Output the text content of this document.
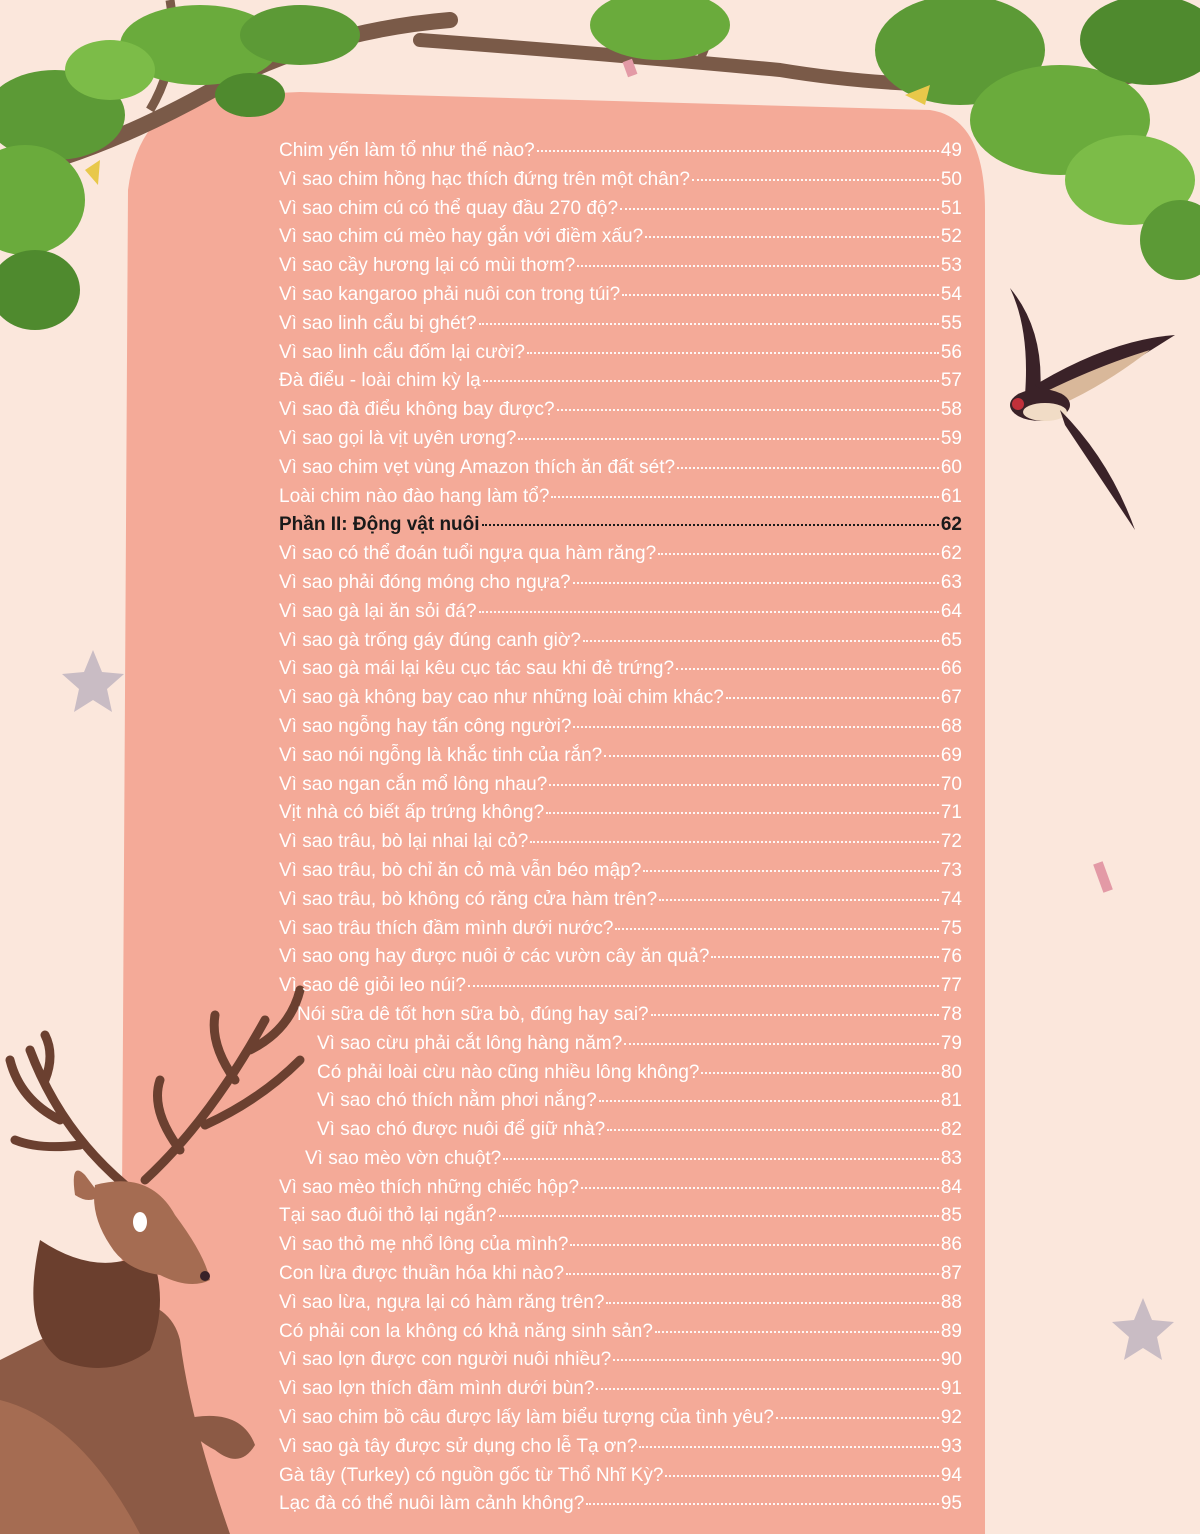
Chim yến làm tổ như thế nào?	49
Vì sao chim hồng hạc thích đứng trên một chân?	50
Vì sao chim cú có thể quay đầu 270 độ?	51
Vì sao chim cú mèo hay gắn với điềm xấu?	52
Vì sao cầy hương lại có mùi thơm?	53
Vì sao kangaroo phải nuôi con trong túi?	54
Vì sao linh cẩu bị ghét?	55
Vì sao linh cẩu đốm lại cười?	56
Đà điểu - loài chim kỳ lạ	57
Vì sao đà điểu không bay được?	58
Vì sao gọi là vịt uyên ương?	59
Vì sao chim vẹt vùng Amazon thích ăn đất sét?	60
Loài chim nào đào hang làm tổ?	61
Phần II: Động vật nuôi	62
Vì sao có thể đoán tuổi ngựa qua hàm răng?	62
Vì sao phải đóng móng cho ngựa?	63
Vì sao gà lại ăn sỏi đá?	64
Vì sao gà trống gáy đúng canh giờ?	65
Vì sao gà mái lại kêu cục tác sau khi đẻ trứng?	66
Vì sao gà không bay cao như những loài chim khác?	67
Vì sao ngỗng hay tấn công người?	68
Vì sao nói ngỗng là khắc tinh của rắn?	69
Vì sao ngan cắn mổ lông nhau?	70
Vịt nhà có biết ấp trứng không?	71
Vì sao trâu, bò lại nhai lại cỏ?	72
Vì sao trâu, bò chỉ ăn cỏ mà vẫn béo mập?	73
Vì sao trâu, bò không có răng cửa hàm trên?	74
Vì sao trâu thích đầm mình dưới nước?	75
Vì sao ong hay được nuôi ở các vườn cây ăn quả?	76
Vì sao dê giỏi leo núi?	77
Nói sữa dê tốt hơn sữa bò, đúng hay sai?	78
Vì sao cừu phải cắt lông hàng năm?	79
Có phải loài cừu nào cũng nhiều lông không?	80
Vì sao chó thích nằm phơi nắng?	81
Vì sao chó được nuôi để giữ nhà?	82
Vì sao mèo vờn chuột?	83
Vì sao mèo thích những chiếc hộp?	84
Tại sao đuôi thỏ lại ngắn?	85
Vì sao thỏ mẹ nhổ lông của mình?	86
Con lừa được thuần hóa khi nào?	87
Vì sao lừa, ngựa lại có hàm răng trên?	88
Có phải con la không có khả năng sinh sản?	89
Vì sao lợn được con người nuôi nhiều?	90
Vì sao lợn thích đầm mình dưới bùn?	91
Vì sao chim bồ câu được lấy làm biểu tượng của tình yêu?	92
Vì sao gà tây được sử dụng cho lễ Tạ ơn?	93
Gà tây (Turkey) có nguồn gốc từ Thổ Nhĩ Kỳ?	94
Lạc đà có thể nuôi làm cảnh không?	95
